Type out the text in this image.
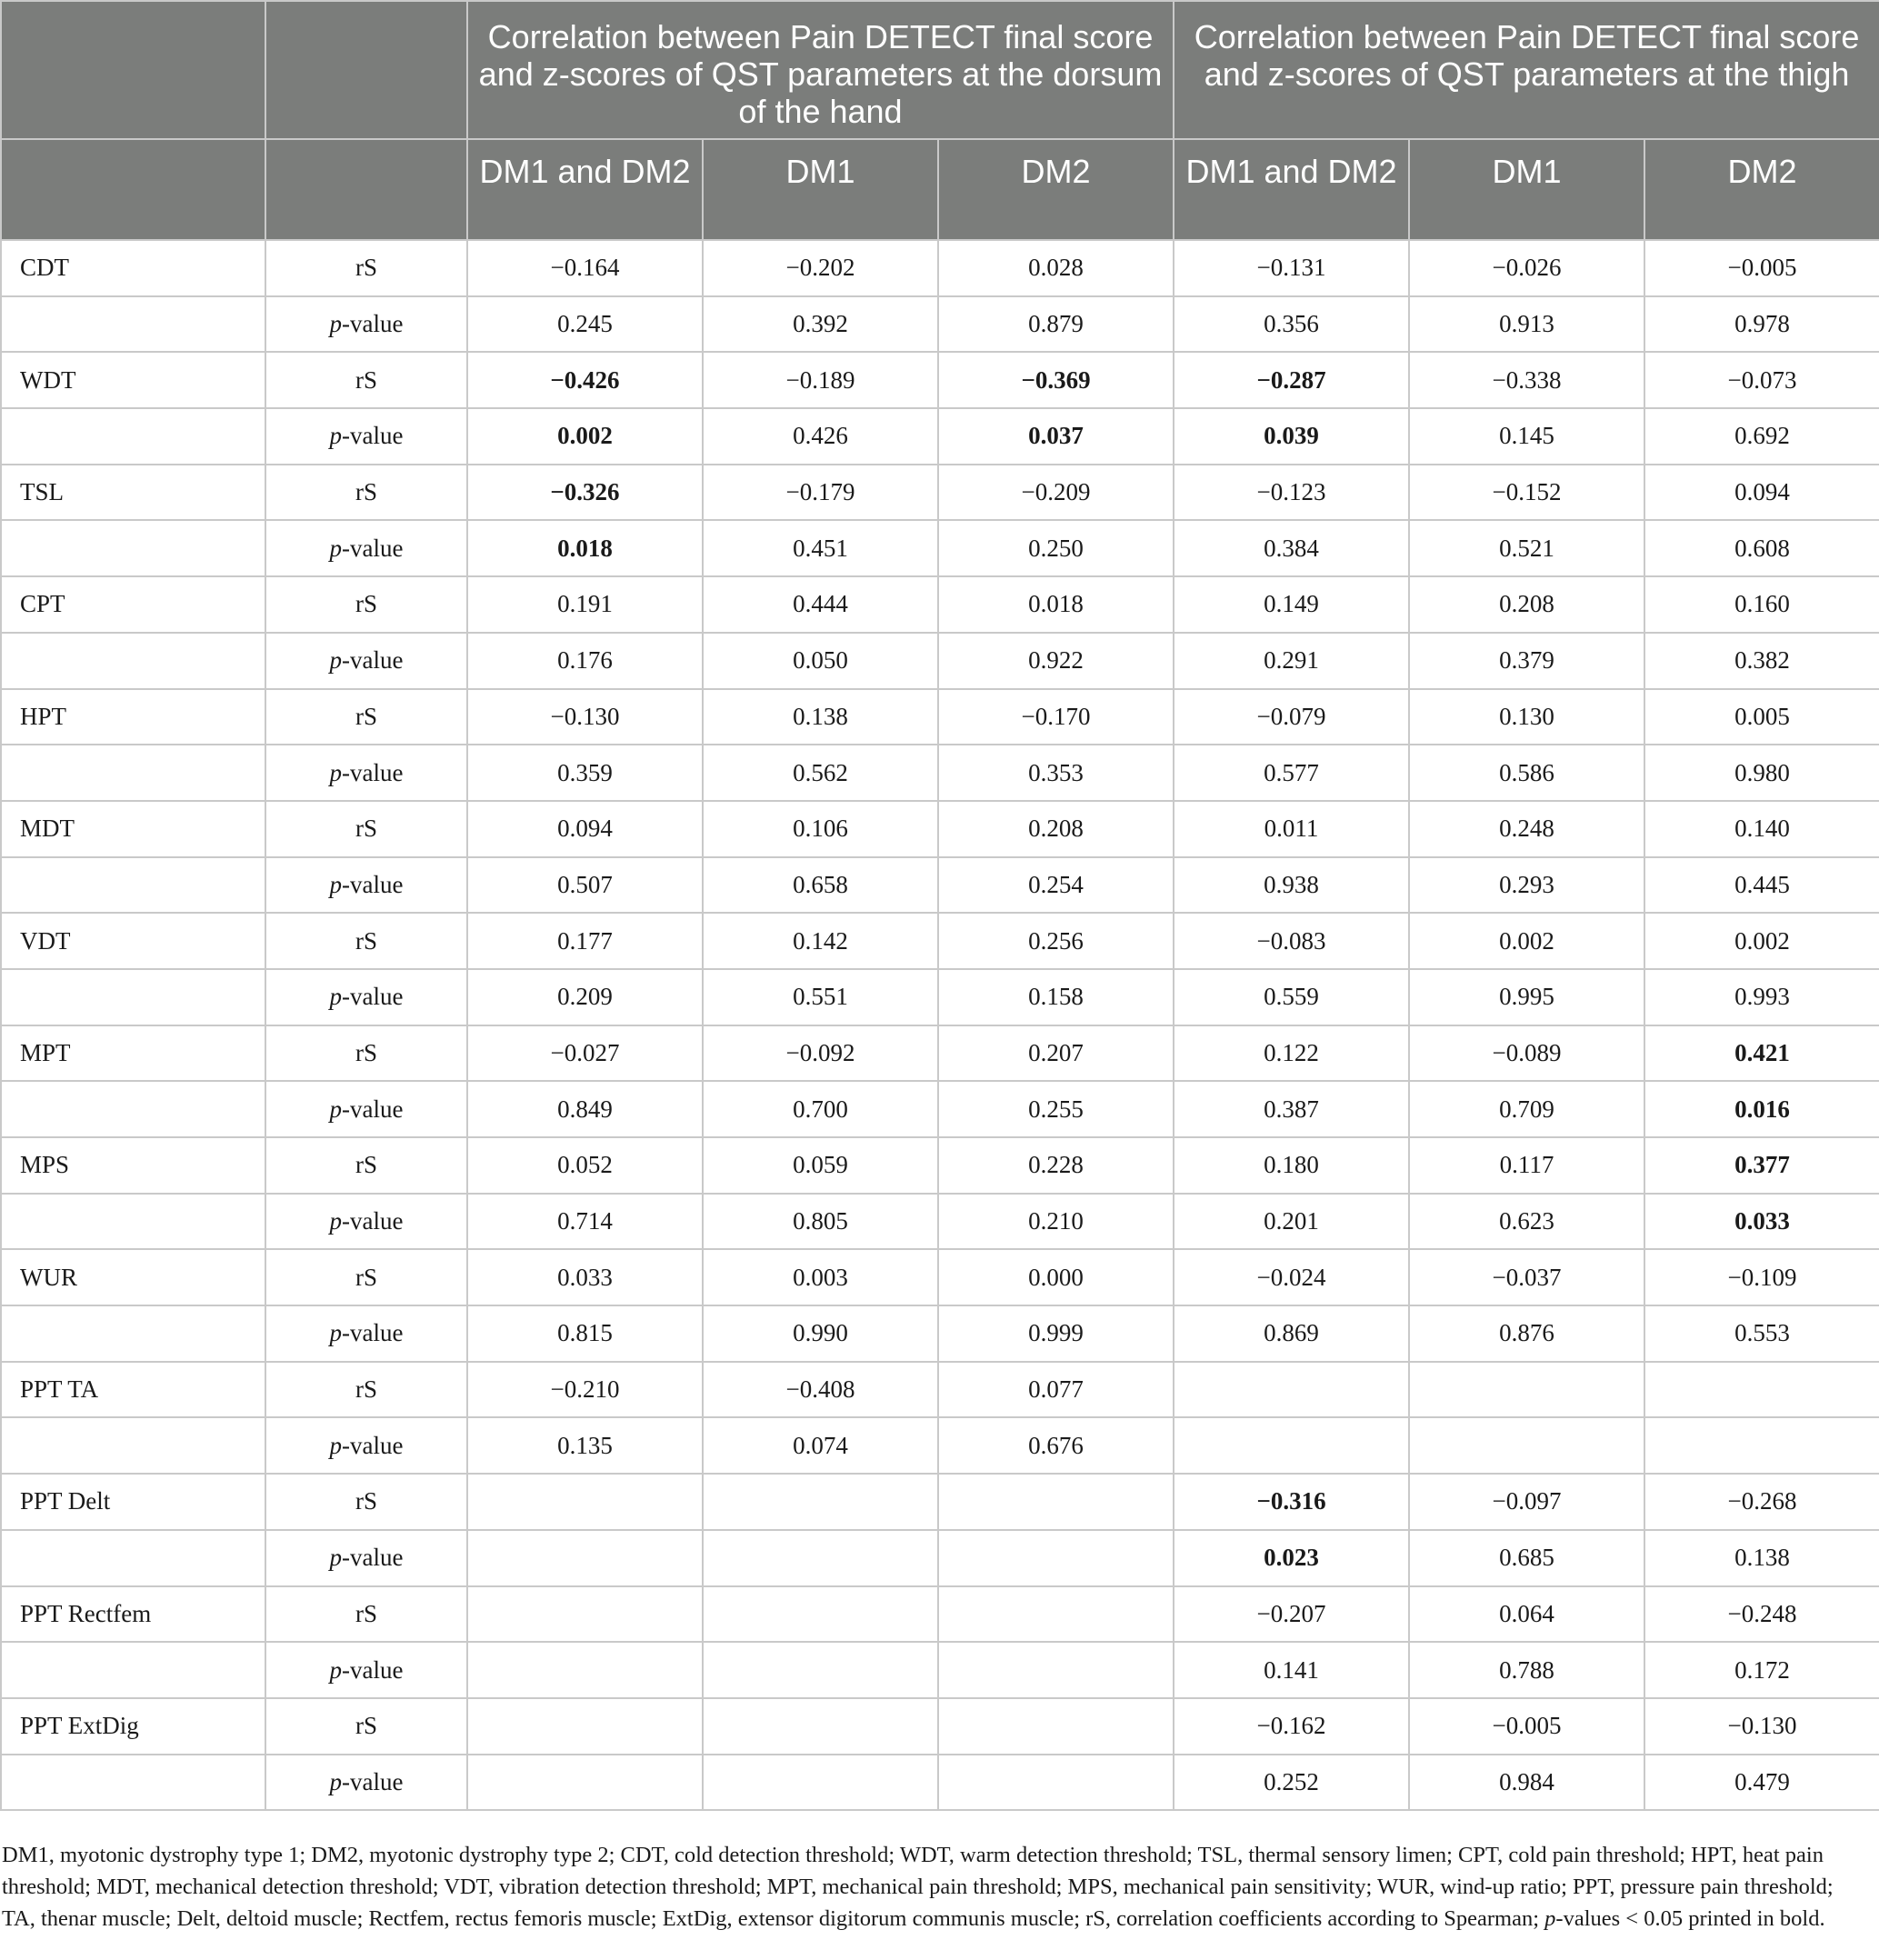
		Correlation between Pain DETECT final score and z-scores of QST parameters at the dorsum of the hand			Correlation between Pain DETECT final score and z-scores of QST parameters at the thigh		
		DM1 and DM2	DM1	DM2	DM1 and DM2	DM1	DM2
CDT	rS	−0.164	−0.202	0.028	−0.131	−0.026	−0.005
	p-value	0.245	0.392	0.879	0.356	0.913	0.978
WDT	rS	−0.426	−0.189	−0.369	−0.287	−0.338	−0.073
	p-value	0.002	0.426	0.037	0.039	0.145	0.692
TSL	rS	−0.326	−0.179	−0.209	−0.123	−0.152	0.094
	p-value	0.018	0.451	0.250	0.384	0.521	0.608
CPT	rS	0.191	0.444	0.018	0.149	0.208	0.160
	p-value	0.176	0.050	0.922	0.291	0.379	0.382
HPT	rS	−0.130	0.138	−0.170	−0.079	0.130	0.005
	p-value	0.359	0.562	0.353	0.577	0.586	0.980
MDT	rS	0.094	0.106	0.208	0.011	0.248	0.140
	p-value	0.507	0.658	0.254	0.938	0.293	0.445
VDT	rS	0.177	0.142	0.256	−0.083	0.002	0.002
	p-value	0.209	0.551	0.158	0.559	0.995	0.993
MPT	rS	−0.027	−0.092	0.207	0.122	−0.089	0.421
	p-value	0.849	0.700	0.255	0.387	0.709	0.016
MPS	rS	0.052	0.059	0.228	0.180	0.117	0.377
	p-value	0.714	0.805	0.210	0.201	0.623	0.033
WUR	rS	0.033	0.003	0.000	−0.024	−0.037	−0.109
	p-value	0.815	0.990	0.999	0.869	0.876	0.553
PPT TA	rS	−0.210	−0.408	0.077			
	p-value	0.135	0.074	0.676			
PPT Delt	rS				−0.316	−0.097	−0.268
	p-value				0.023	0.685	0.138
PPT Rectfem	rS				−0.207	0.064	−0.248
	p-value				0.141	0.788	0.172
PPT ExtDig	rS				−0.162	−0.005	−0.130
	p-value				0.252	0.984	0.479

DM1, myotonic dystrophy type 1; DM2, myotonic dystrophy type 2; CDT, cold detection threshold; WDT, warm detection threshold; TSL, thermal sensory limen; CPT, cold pain threshold; HPT, heat pain threshold; MDT, mechanical detection threshold; VDT, vibration detection threshold; MPT, mechanical pain threshold; MPS, mechanical pain sensitivity; WUR, wind-up ratio; PPT, pressure pain threshold; TA, thenar muscle; Delt, deltoid muscle; Rectfem, rectus femoris muscle; ExtDig, extensor digitorum communis muscle; rS, correlation coefficients according to Spearman; p-values < 0.05 printed in bold.
